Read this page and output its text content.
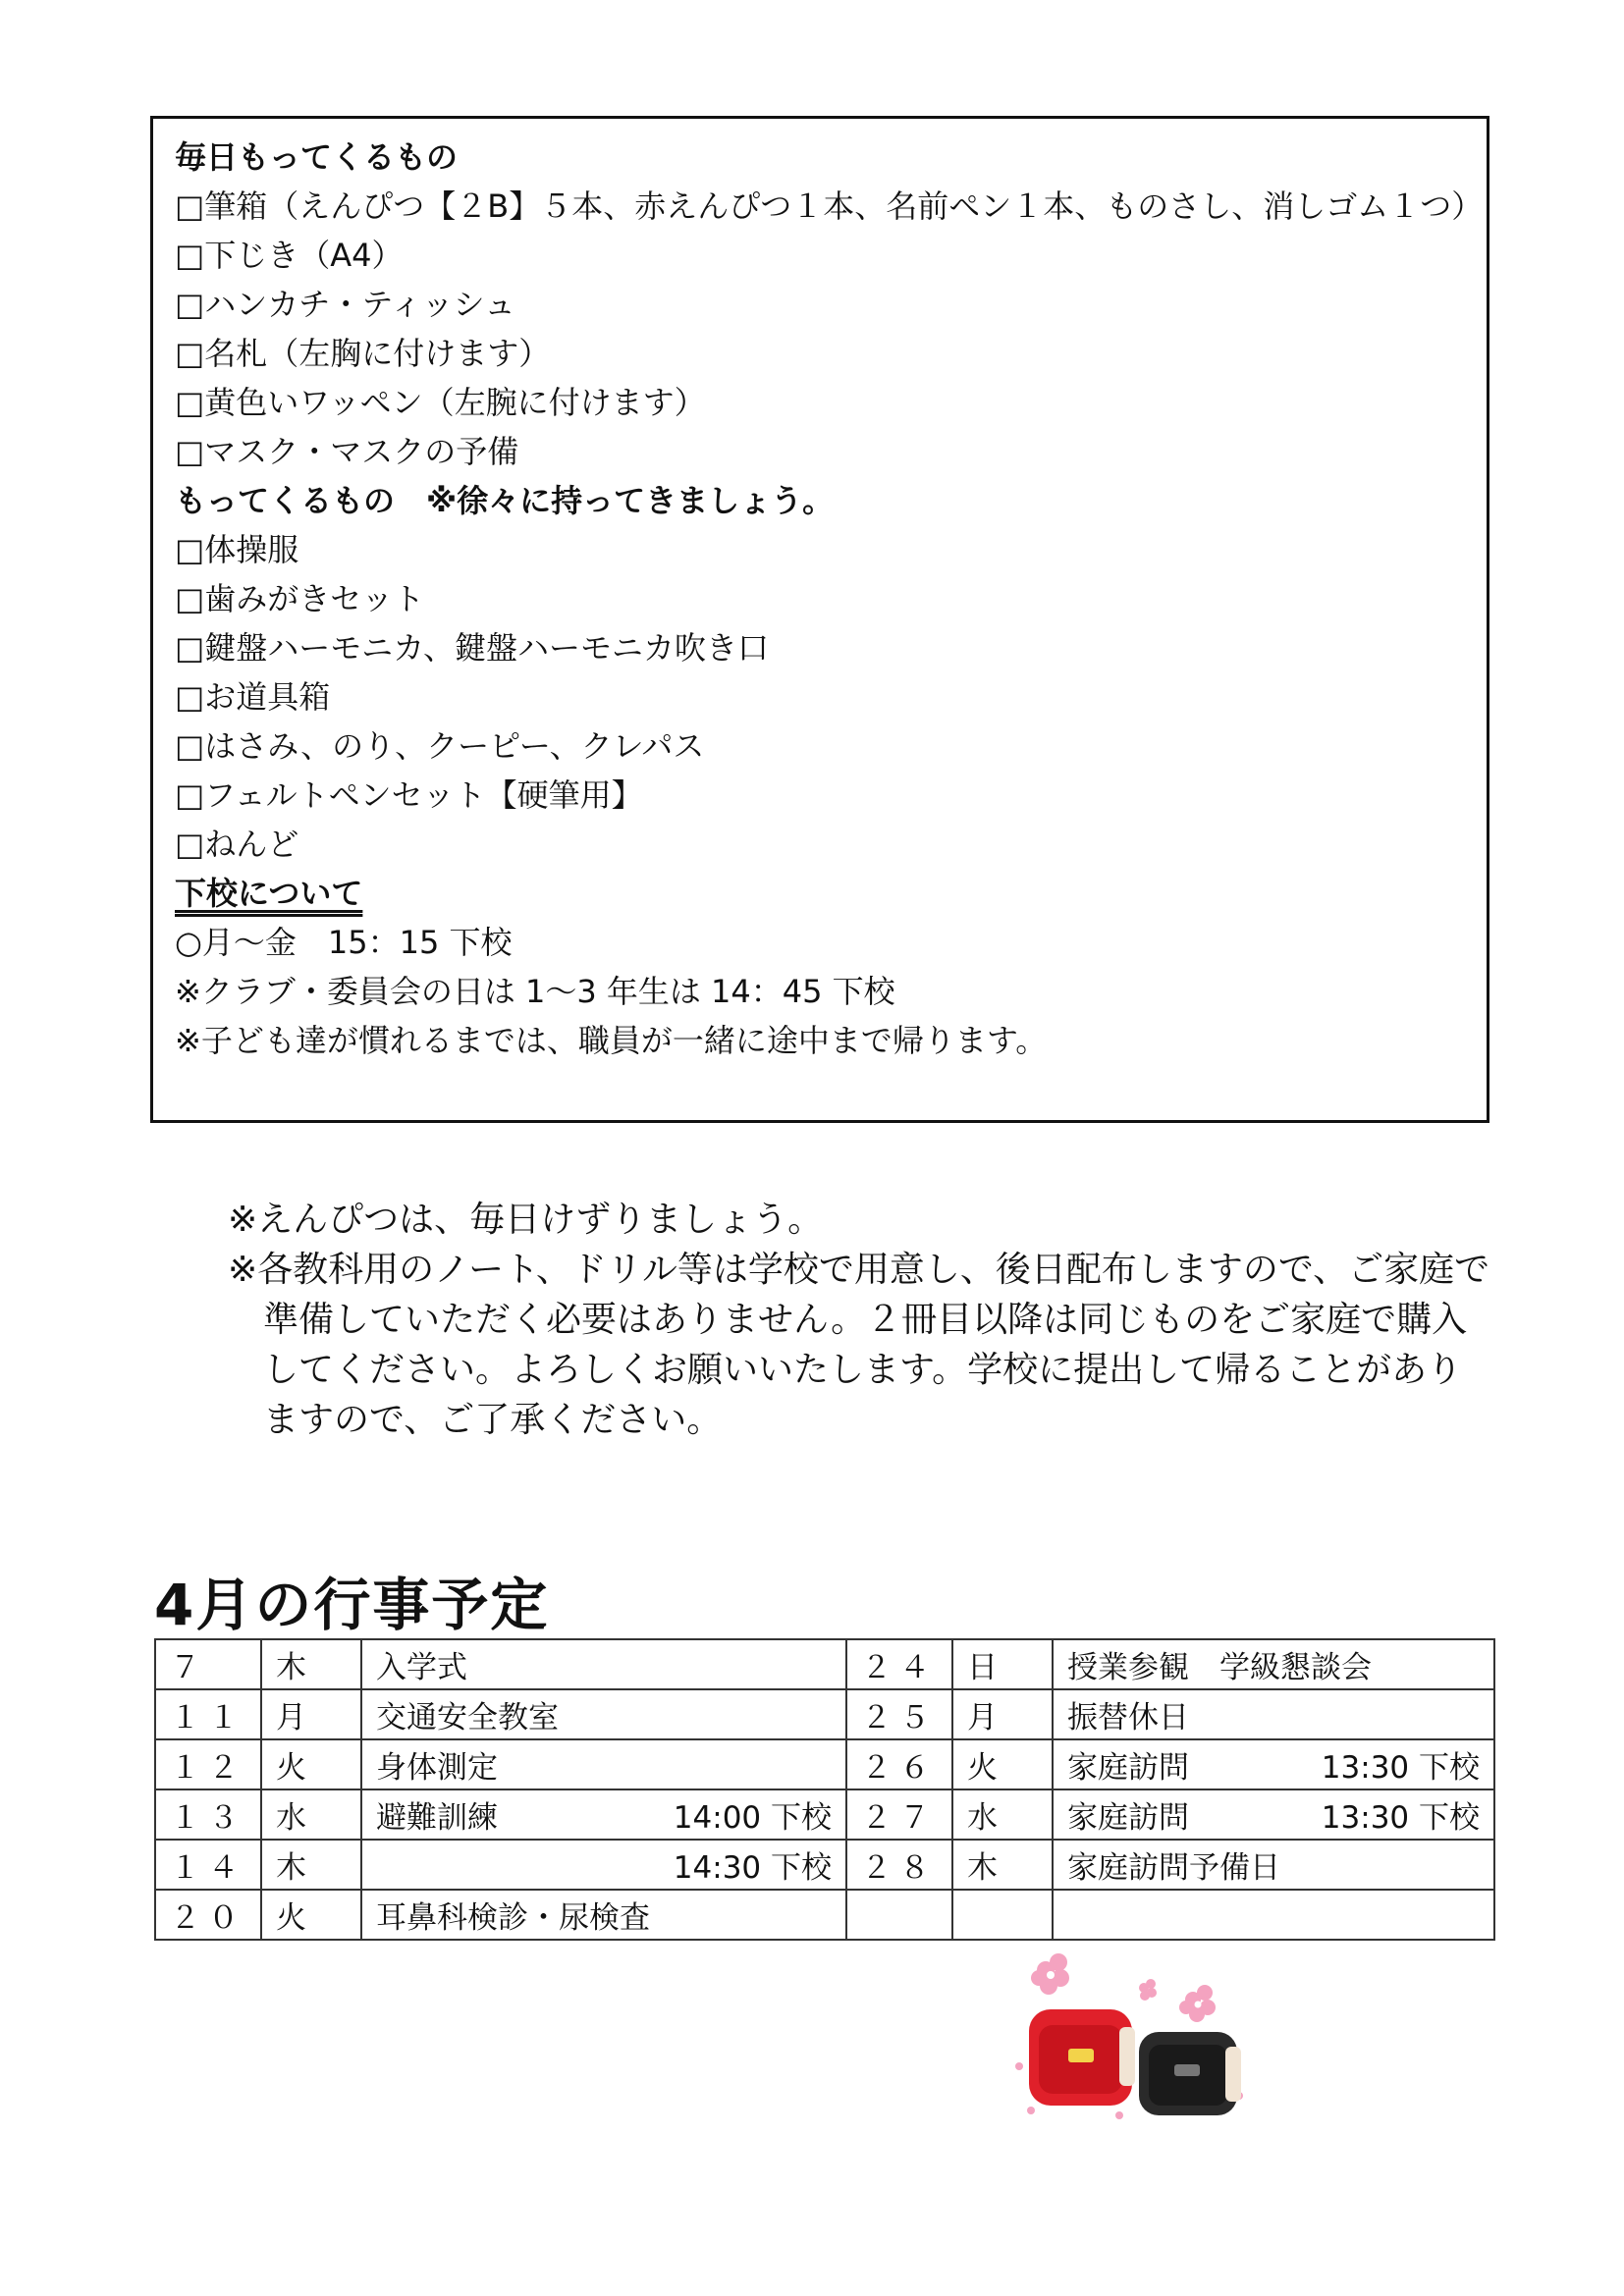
毎日もってくるもの
□筆箱（えんぴつ【２B】５本、赤えんぴつ１本、名前ペン１本、ものさし、消しゴム１つ）
□下じき（A4）
□ハンカチ・ティッシュ
□名札（左胸に付けます）
□黄色いワッペン（左腕に付けます）
□マスク・マスクの予備
もってくるもの　※徐々に持ってきましょう。
□体操服
□歯みがきセット
□鍵盤ハーモニカ、鍵盤ハーモニカ吹き口
□お道具箱
□はさみ、のり、クーピー、クレパス
□フェルトペンセット【硬筆用】
□ねんど
下校について
○月～金　15：15 下校
※クラブ・委員会の日は 1～3 年生は 14：45 下校
※子ども達が慣れるまでは、職員が一緒に途中まで帰ります。
※えんぴつは、毎日けずりましょう。
※各教科用のノート、ドリル等は学校で用意し、後日配布しますので、ご家庭で準備していただく必要はありません。２冊目以降は同じものをご家庭で購入してください。よろしくお願いいたします。学校に提出して帰ることがありますので、ご了承ください。
4月の行事予定
７	木	入学式	２４	日	授業参観　学級懇談会

１１	月	交通安全教室	２５	月	振替休日

１２	火	身体測定	２６	火	家庭訪問 13:30 下校

１３	水	避難訓練 14:00 下校	２７	水	家庭訪問 13:30 下校

１４	木	14:30 下校	２８	木	家庭訪問予備日

２０	火	耳鼻科検診・尿検査			
